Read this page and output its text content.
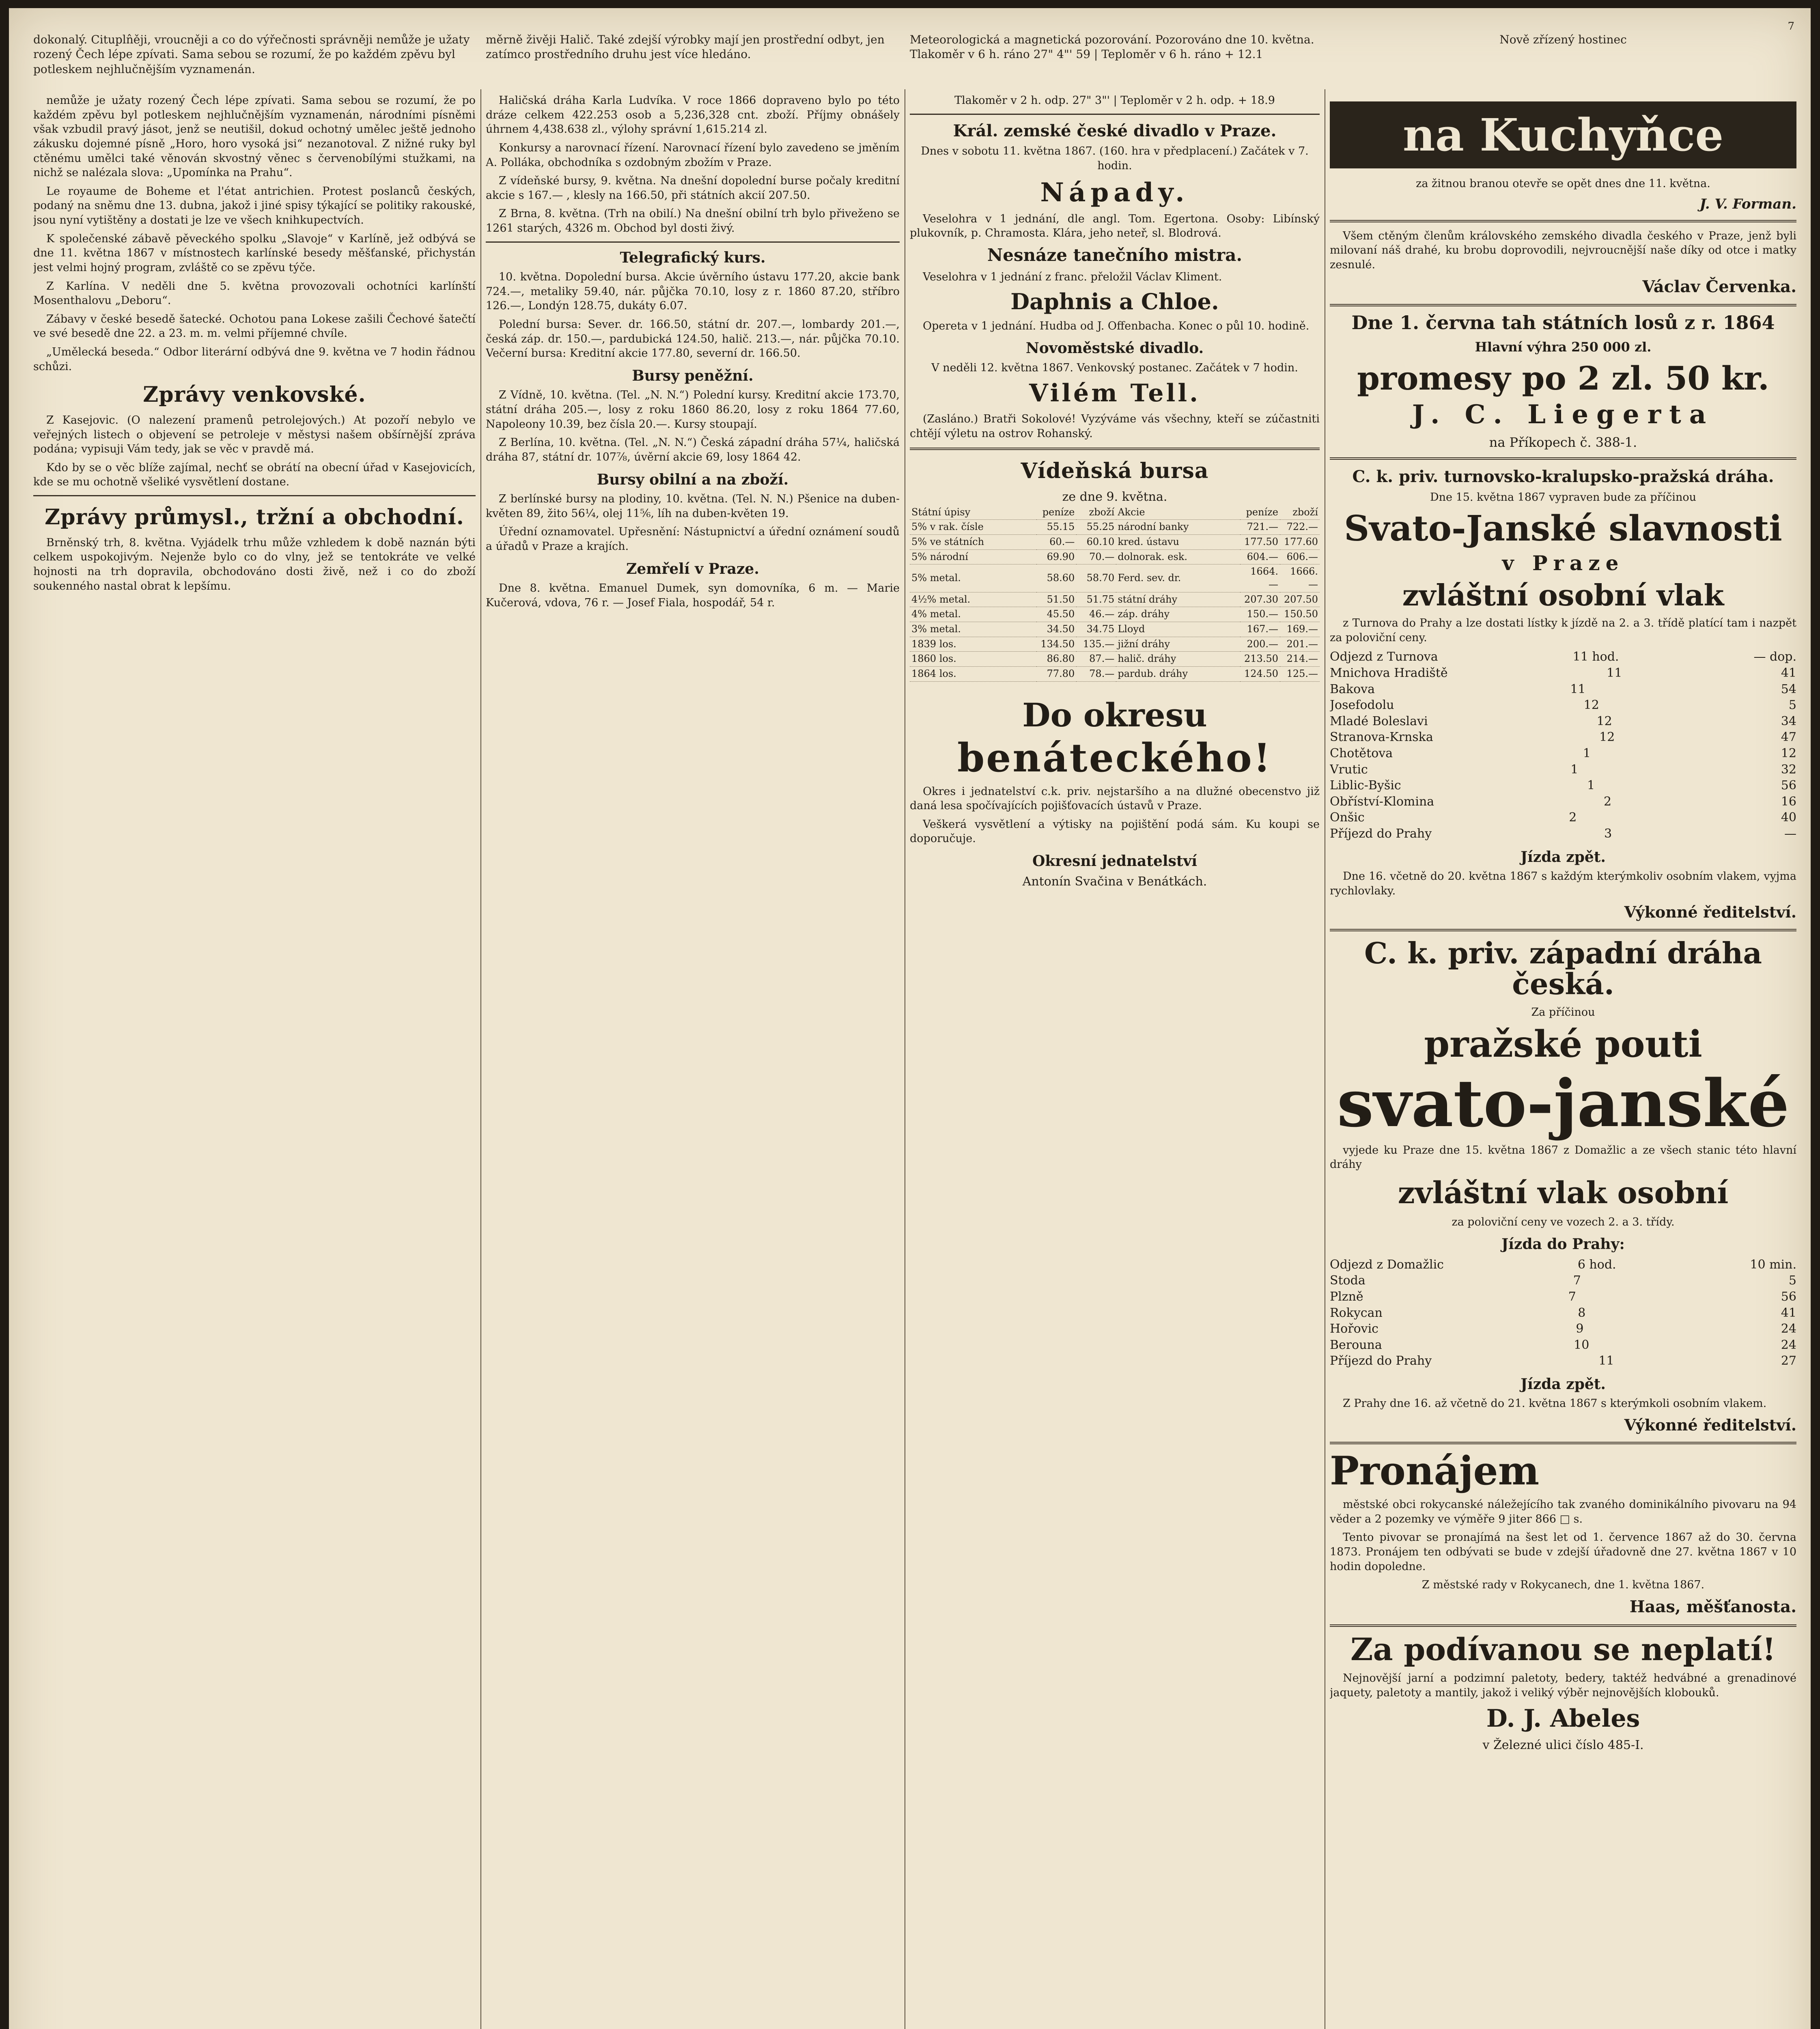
7
dokonalý. Citupln̂ěji, vroucněji a co do výřečnosti správněji nemůže je užaty rozený Čech lépe zpívati. Sama sebou se rozumí, že po každém zpěvu byl potleskem nejhlučnějším vyznamenán.
měrně živěji Halič. Také zdejší výrobky mají jen prostřední odbyt, jen zatímco prostředního druhu jest více hledáno.
Meteorologická a magnetická pozorování. Pozorováno dne 10. května. Tlakoměr v 6 h. ráno 27" 4"' 59 | Teploměr v 6 h. ráno + 12.1
Nově zřízený hostinec

nemůže je užaty rozený Čech lépe zpívati. Sama sebou se rozumí, že po každém zpěvu byl potleskem nejhlučnějším vyznamenán, národními písněmi však vzbudil pravý jásot, jenž se neutišil, dokud ochotný umělec ještě jednoho zákusku dojemné písně „Horo, horo vysoká jsi“ nezanotoval. Z nižné ruky byl ctěnému umělci také věnován skvostný věnec s červenobílými stužkami, na nichž se nalézala slova: „Upomínka na Prahu“.

Le royaume de Boheme et l'état antrichien. Protest poslanců českých, podaný na sněmu dne 13. dubna, jakož i jiné spisy týkající se politiky rakouské, jsou nyní vytištěny a dostati je lze ve všech knihkupectvích.

K společenské zábavě pěveckého spolku „Slavoje“ v Karlíně, jež odbývá se dne 11. května 1867 v místnostech karlínské besedy měšťanské, přichystán jest velmi hojný program, zvláště co se zpěvu týče.

Z Karlína. V neděli dne 5. května provozovali ochotníci karlínští Mosenthalovu „Deboru“.

Zábavy v české besedě šatecké. Ochotou pana Lokese zašili Čechové šatečtí ve své besedě dne 22. a 23. m. m. velmi příjemné chvíle.

„Umělecká beseda.“ Odbor literární odbývá dne 9. května ve 7 hodin řádnou schůzi.

Zprávy venkovské.

Z Kasejovic. (O nalezení pramenů petrolejových.) At pozoří nebylo ve veřejných listech o objevení se petroleje v městysi našem obšírnější zpráva podána; vypisuji Vám tedy, jak se věc v pravdě má.

Kdo by se o věc blíže zajímal, nechť se obrátí na obecní úřad v Kasejovicích, kde se mu ochotně všeliké vysvětlení dostane.

Zprávy průmysl., tržní a obchodní.

Brněnský trh, 8. května. Vyjádelk trhu může vzhledem k době naznán býti celkem uspokojivým. Nejenže bylo co do vlny, jež se tentokráte ve velké hojnosti na trh dopravila, obchodováno dosti živě, než i co do zboží soukenného nastal obrat k lepšímu.

Haličská dráha Karla Ludvíka. V roce 1866 dopraveno bylo po této dráze celkem 422.253 osob a 5,236,328 cnt. zboží. Příjmy obnášely úhrnem 4,438.638 zl., výlohy správní 1,615.214 zl.

Konkursy a narovnací řízení. Narovnací řízení bylo zavedeno se jměním A. Polláka, obchodníka s ozdobným zbožím v Praze.

Z vídeňské bursy, 9. května. Na dnešní dopolední burse počaly kreditní akcie s 167.— , klesly na 166.50, při státních akcií 207.50.

Z Brna, 8. května. (Trh na obilí.) Na dnešní obilní trh bylo přiveženo se 1261 starých, 4326 m. Obchod byl dosti živý.

Telegrafický kurs.

10. května. Dopolední bursa. Akcie úvěrního ústavu 177.20, akcie bank 724.—, metaliky 59.40, nár. půjčka 70.10, losy z r. 1860 87.20, stříbro 126.—, Londýn 128.75, dukáty 6.07.

Polední bursa: Sever. dr. 166.50, státní dr. 207.—, lombardy 201.—, česká záp. dr. 150.—, pardubická 124.50, halič. 213.—, nár. půjčka 70.10. Večerní bursa: Kreditní akcie 177.80, severní dr. 166.50.

Bursy peněžní.

Z Vídně, 10. května. (Tel. „N. N.“) Polední kursy. Kreditní akcie 173.70, státní dráha 205.—, losy z roku 1860 86.20, losy z roku 1864 77.60, Napoleony 10.39, bez čísla 20.—. Kursy stoupají.

Z Berlína, 10. května. (Tel. „N. N.“) Česká západní dráha 57¼, haličská dráha 87, státní dr. 107⅞, úvěrní akcie 69, losy 1864 42.

Bursy obilní a na zboží.

Z berlínské bursy na plodiny, 10. května. (Tel. N. N.) Pšenice na duben-květen 89, žito 56¼, olej 11⅚, líh na duben-květen 19.

Úřední oznamovatel. Upřesnění: Nástupnictví a úřední oznámení soudů a úřadů v Praze a krajích.

Zemřelí v Praze.

Dne 8. května. Emanuel Dumek, syn domovníka, 6 m. — Marie Kučerová, vdova, 76 r. — Josef Fiala, hospodář, 54 r.

Tlakoměr v 2 h. odp. 27" 3"' | Teploměr v 2 h. odp. + 18.9

Král. zemské české divadlo v Praze.

Dnes v sobotu 11. května 1867. (160. hra v předplacení.) Začátek v 7. hodin.

Nápady.

Veselohra v 1 jednání, dle angl. Tom. Egertona. Osoby: Libínský plukovník, p. Chramosta. Klára, jeho neteř, sl. Blodrová.

Nesnáze tanečního mistra.

Veselohra v 1 jednání z franc. přeložil Václav Kliment.

Daphnis a Chloe.

Opereta v 1 jednání. Hudba od J. Offenbacha. Konec o půl 10. hodině.

Novoměstské divadlo.

V neděli 12. května 1867. Venkovský postanec. Začátek v 7 hodin.

Vilém Tell.

(Zasláno.) Bratři Sokolové! Vyzýváme vás všechny, kteří se zúčastniti chtějí výletu na ostrov Rohanský.

Vídeňská bursa
ze dne 9. května.
Státní úpisy	peníze	zboží	Akcie	peníze	zboží
5% v rak. čísle	55.15	55.25	národní banky	721.—	722.—
5% ve státních	60.—	60.10	kred. ústavu	177.50	177.60
5% národní	69.90	70.—	dolnorak. esk.	604.—	606.—
5% metal.	58.60	58.70	Ferd. sev. dr.	1664.—	1666.—
4½% metal.	51.50	51.75	státní dráhy	207.30	207.50
4% metal.	45.50	46.—	záp. dráhy	150.—	150.50
3% metal.	34.50	34.75	Lloyd	167.—	169.—
1839 los.	134.50	135.—	jižní dráhy	200.—	201.—
1860 los.	86.80	87.—	halič. dráhy	213.50	214.—
1864 los.	77.80	78.—	pardub. dráhy	124.50	125.—
Do okresu
benáteckého!

Okres i jednatelství c.k. priv. nejstaršího a na dlužné obecenstvo již daná lesa spočívajících pojišťovacích ústavů v Praze.

Veškerá vysvětlení a výtisky na pojištění podá sám. Ku koupi se doporučuje.

Okresní jednatelství
Antonín Svačina v Benátkách.
na Kuchyňce

za žitnou branou otevře se opět dnes dne 11. května.

J. V. Forman.

Všem ctěným členům královského zemského divadla českého v Praze, jenž byli milovaní náš drahé, ku brobu doprovodili, nejvroucnější naše díky od otce i matky zesnulé.

Václav Červenka.
Dne 1. června tah státních losů z r. 1864
Hlavní výhra 250 000 zl.
promesy po 2 zl. 50 kr.
J. C. Liegerta
na Příkopech č. 388-1.
C. k. priv. turnovsko-kralupsko-pražská dráha.

Dne 15. května 1867 vypraven bude za příčinou

Svato-Janské slavnosti
v Praze
zvláštní osobní vlak

z Turnova do Prahy a lze dostati lístky k jízdě na 2. a 3. třídě platící tam i nazpět za poloviční ceny.

Odjezd z Turnova	11 hod.	— dop.
Mnichova Hradiště	11	41
Bakova	11	54
Josefodolu	12	5
Mladé Boleslavi	12	34
Stranova-Krnska	12	47
Chotětova	1	12
Vrutic	1	32
Liblic-Byšic	1	56
Obříství-Klomina	2	16
Onšic	2	40
Příjezd do Prahy	3	—
Jízda zpět.

Dne 16. včetně do 20. května 1867 s každým kterýmkoliv osobním vlakem, vyjma rychlovlaky.

Výkonné ředitelství.
C. k. priv. západní dráha česká.

Za příčinou

pražské pouti
svato-janské

vyjede ku Praze dne 15. května 1867 z Domažlic a ze všech stanic této hlavní dráhy

zvláštní vlak osobní

za poloviční ceny ve vozech 2. a 3. třídy.

Jízda do Prahy:
Odjezd z Domažlic	6 hod.	10 min.
Stoda	7	5
Plzně	7	56
Rokycan	8	41
Hořovic	9	24
Berouna	10	24
Příjezd do Prahy	11	27
Jízda zpět.

Z Prahy dne 16. až včetně do 21. května 1867 s kterýmkoli osobním vlakem.

Výkonné ředitelství.
Pronájem

městské obci rokycanské náležejícího tak zvaného dominikálního pivovaru na 94 věder a 2 pozemky ve výměře 9 jiter 866 □ s.

Tento pivovar se pronajímá na šest let od 1. července 1867 až do 30. června 1873. Pronájem ten odbývati se bude v zdejší úřadovně dne 27. května 1867 v 10 hodin dopoledne.

Z městské rady v Rokycanech, dne 1. května 1867.

Haas, měšťanosta.
Za podívanou se neplatí!

Nejnovější jarní a podzimní paletoty, bedery, taktéž hedvábné a grenadinové jaquety, paletoty a mantily, jakož i veliký výběr nejnovějších klobouků.

D. J. Abeles
v Železné ulici číslo 485-I.
